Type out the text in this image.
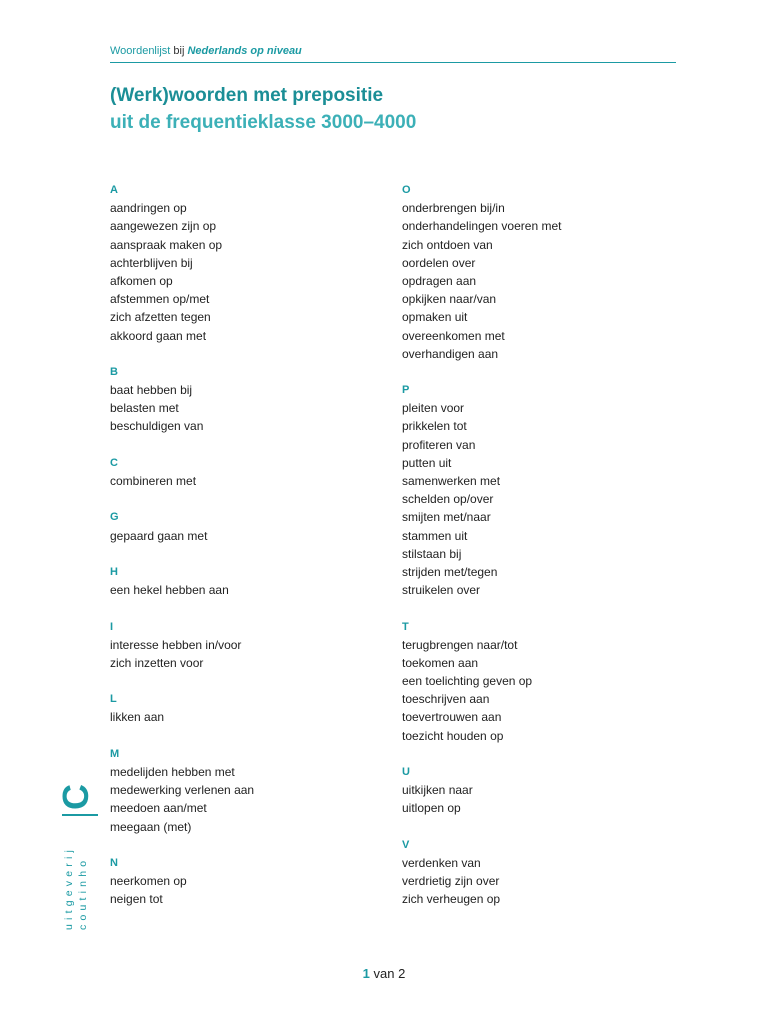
Woordenlijst bij Nederlands op niveau
(Werk)woorden met prepositie
uit de frequentieklasse 3000–4000
A
aandringen op
aangewezen zijn op
aanspraak maken op
achterblijven bij
afkomen op
afstemmen op/met
zich afzetten tegen
akkoord gaan met
B
baat hebben bij
belasten met
beschuldigen van
C
combineren met
G
gepaard gaan met
H
een hekel hebben aan
I
interesse hebben in/voor
zich inzetten voor
L
likken aan
M
medelijden hebben met
medewerking verlenen aan
meedoen aan/met
meegaan (met)
N
neerkomen op
neigen tot
O
onderbrengen bij/in
onderhandelingen voeren met
zich ontdoen van
oordelen over
opdragen aan
opkijken naar/van
opmaken uit
overeenkomen met
overhandigen aan
P
pleiten voor
prikkelen tot
profiteren van
putten uit
samenwerken met
schelden op/over
smijten met/naar
stammen uit
stilstaan bij
strijden met/tegen
struikelen over
T
terugbrengen naar/tot
toekomen aan
een toelichting geven op
toeschrijven aan
toevertrouwen aan
toezicht houden op
U
uitkijken naar
uitlopen op
V
verdenken van
verdrietig zijn over
zich verheugen op
uitgeverij coutinho
C
1 van 2
